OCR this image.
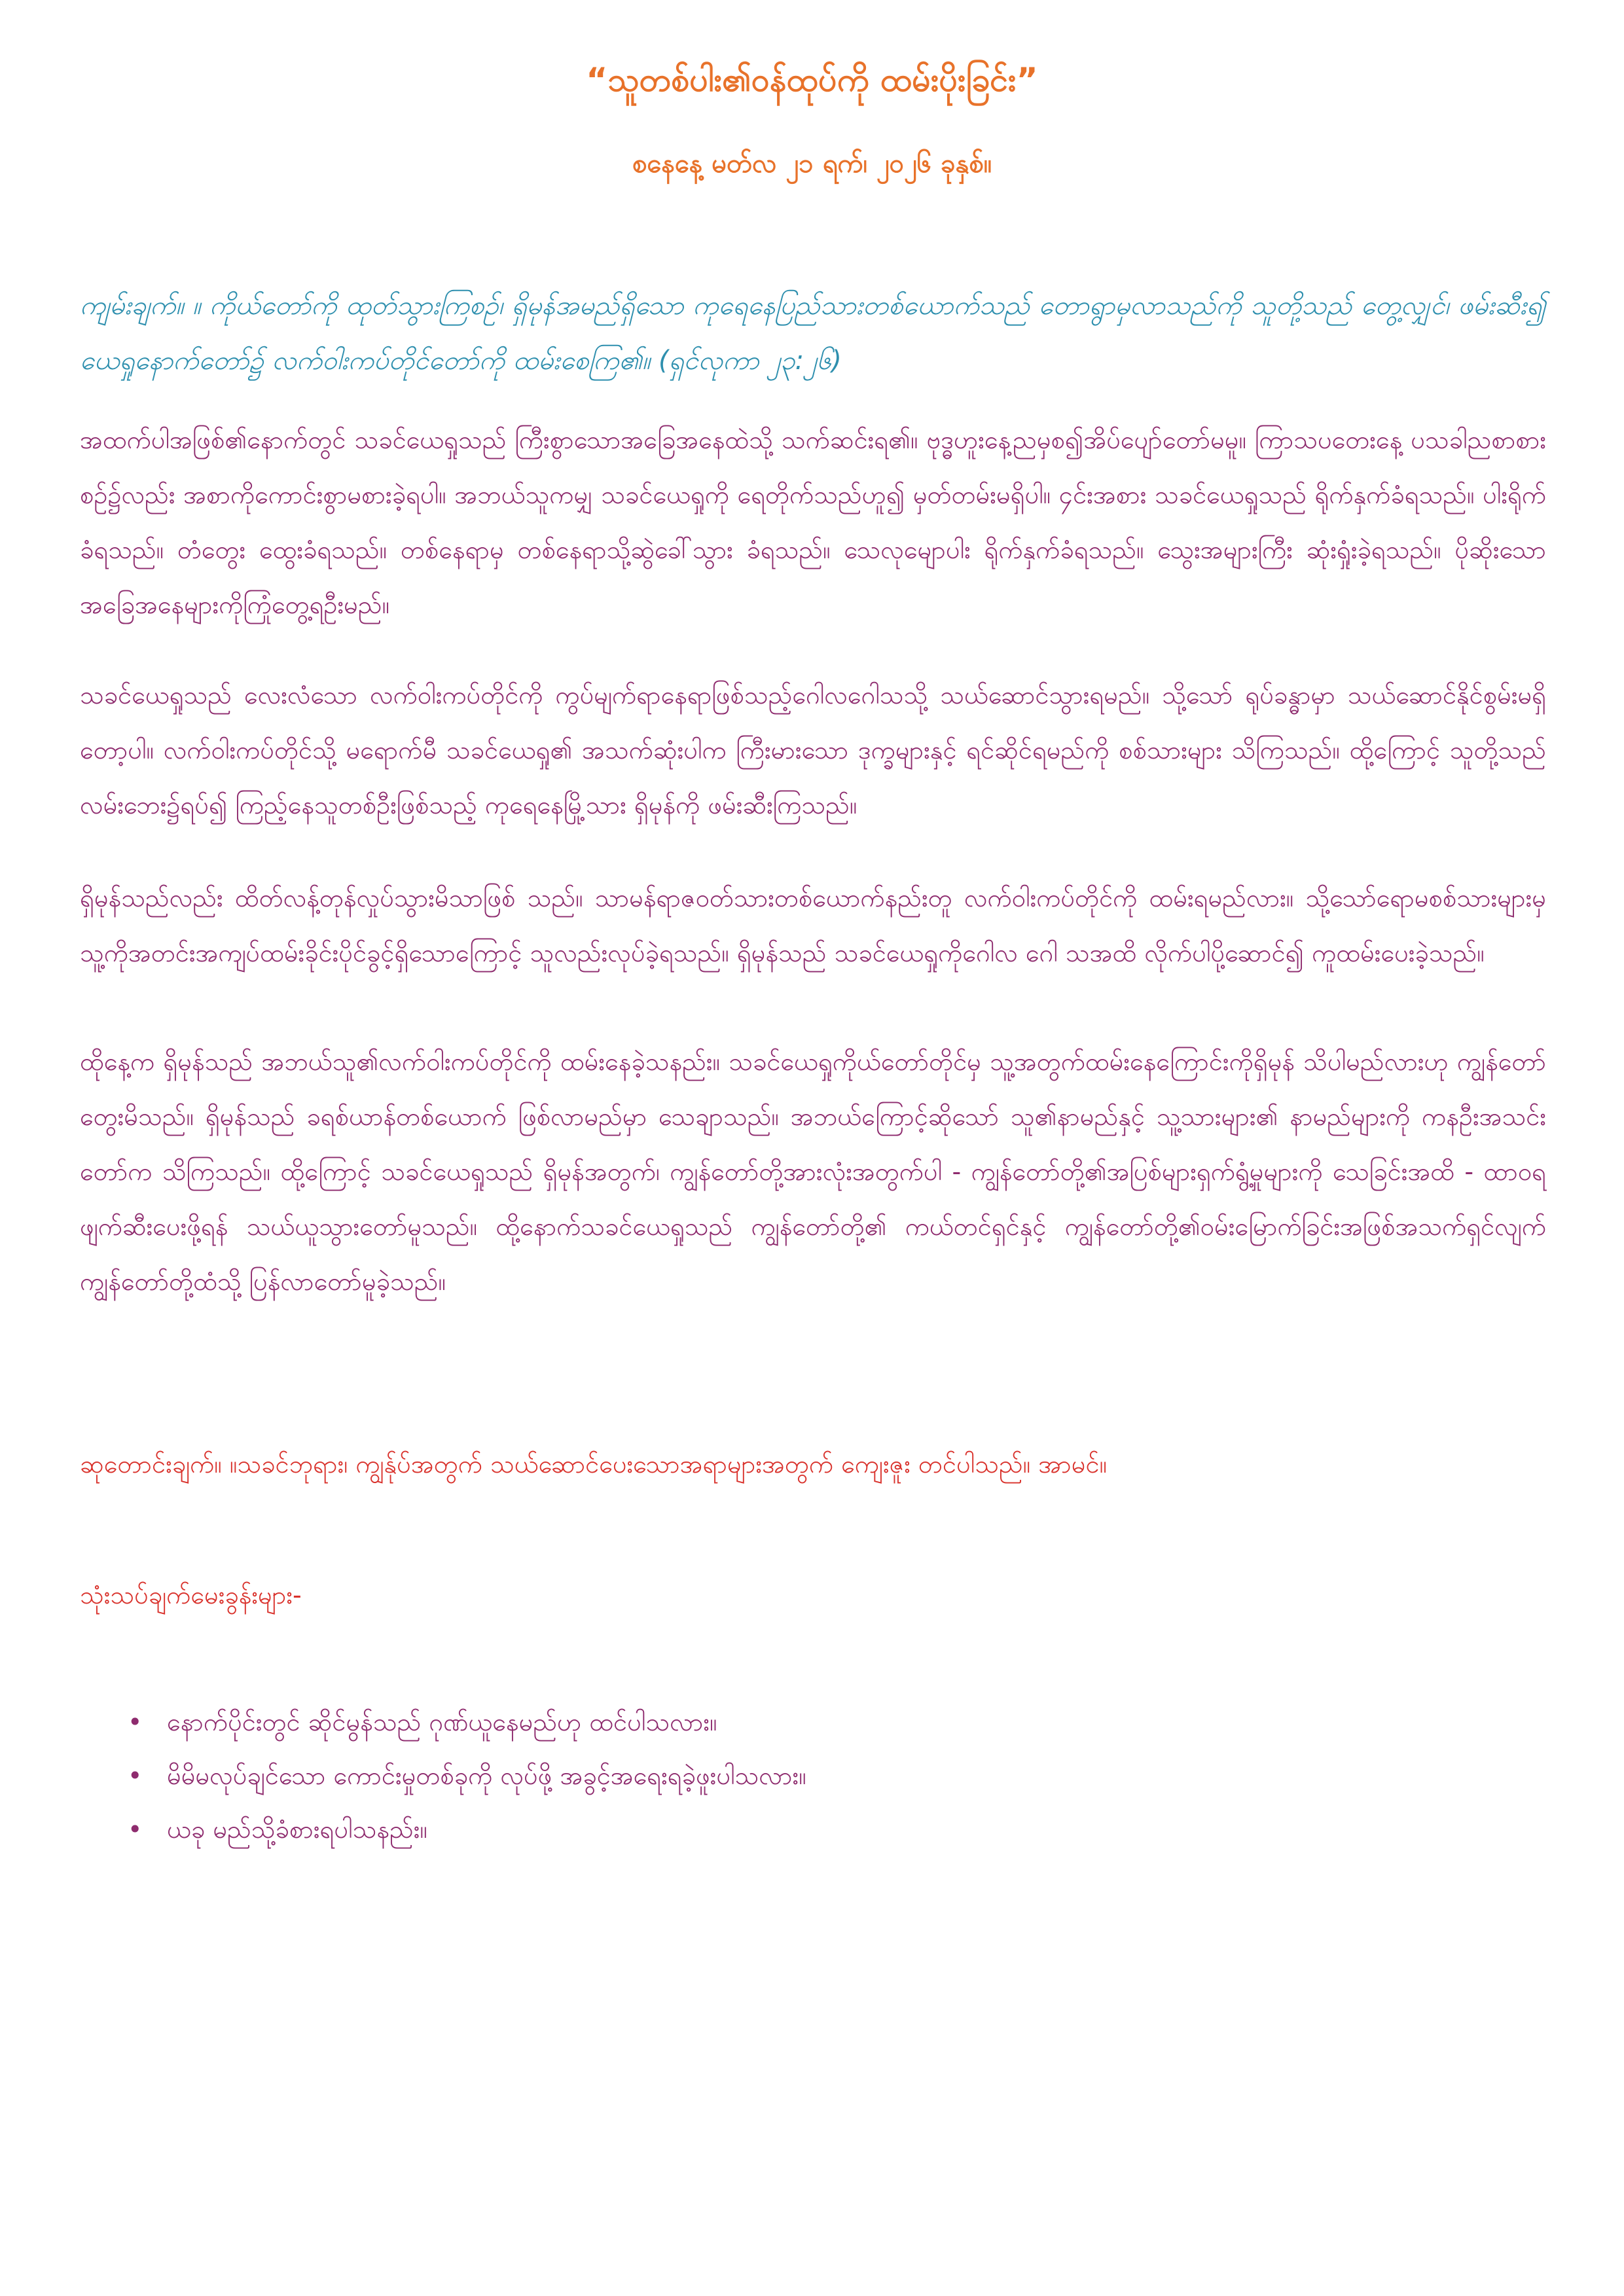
“သူတစ်ပါး၏ဝန်ထုပ်ကို ထမ်းပိုးခြင်း”
စနေနေ့ မတ်လ ၂၁ ရက်၊ ၂၀၂၆ ခုနှစ်။

ကျမ်းချက်။ ။ ကိုယ်တော်ကို ထုတ်သွားကြစဉ်၊ ရှိမုန်အမည်ရှိသော ကုရေနေပြည်သားတစ်ယောက်သည် တောရွာမှလာသည်ကို သူတို့သည် တွေ့လျှင်၊ ဖမ်းဆီး၍ ယေရှုနောက်တော်၌ လက်ဝါးကပ်တိုင်တော်ကို ထမ်းစေကြ၏။ (ရှင်လုကာ ၂၃:၂၆)

အထက်ပါအဖြစ်၏နောက်တွင် သခင်ယေရှုသည် ကြီးစွာသောအခြေအနေထဲသို့ သက်ဆင်းရ၏။ ဗုဒ္ဓဟူးနေ့ညမှစ၍အိပ်ပျော်တော်မမူ။ ကြာသပတေးနေ့ ပသခါညစာစားစဉ်၌လည်း အစာကိုကောင်းစွာမစားခဲ့ရပါ။ အဘယ်သူကမျှ သခင်ယေရှုကို ရေတိုက်သည်ဟူ၍ မှတ်တမ်းမရှိပါ။ ၄င်းအစား သခင်ယေရှုသည် ရိုက်နှက်ခံရသည်။ ပါးရိုက်ခံရသည်။ တံတွေး ထွေးခံရသည်။ တစ်နေရာမှ တစ်နေရာသို့ဆွဲခေါ်သွား ခံရသည်။ သေလုမျောပါး ရိုက်နှက်ခံရသည်။ သွေးအများကြီး ဆုံးရှုံးခဲ့ရသည်။ ပိုဆိုးသောအခြေအနေများကိုကြုံတွေ့ရဦးမည်။

သခင်ယေရှုသည် လေးလံသော လက်ဝါးကပ်တိုင်ကို ကွပ်မျက်ရာနေရာဖြစ်သည့်ဂေါလဂေါသသို့ သယ်ဆောင်သွားရမည်။ သို့သော် ရုပ်ခန္ဓာမှာ သယ်ဆောင်နိုင်စွမ်းမရှိတော့ပါ။ လက်ဝါးကပ်တိုင်သို့ မရောက်မီ သခင်ယေရှု၏ အသက်ဆုံးပါက ကြီးမားသော ဒုက္ခများနှင့် ရင်ဆိုင်ရမည်ကို စစ်သားများ သိကြသည်။ ထို့ကြောင့် သူတို့သည် လမ်းဘေး၌ရပ်၍ ကြည့်နေသူတစ်ဦးဖြစ်သည့် ကုရေနေမြို့သား ရှိမုန်ကို ဖမ်းဆီးကြသည်။

ရှိမုန်သည်လည်း ထိတ်လန့်တုန်လှုပ်သွားမိသာဖြစ် သည်။ သာမန်ရာဇဝတ်သားတစ်ယောက်နည်းတူ လက်ဝါးကပ်တိုင်ကို ထမ်းရမည်လား။ သို့သော်ရောမစစ်သားများမှ သူ့ကိုအတင်းအကျပ်ထမ်းခိုင်းပိုင်ခွင့်ရှိသောကြောင့် သူလည်းလုပ်ခဲ့ရသည်။ ရှိမုန်သည် သခင်ယေရှုကိုဂေါလ ဂေါ သအထိ လိုက်ပါပို့ဆောင်၍ ကူထမ်းပေးခဲ့သည်။

ထိုနေ့က ရှိမုန်သည် အဘယ်သူ၏လက်ဝါးကပ်တိုင်ကို ထမ်းနေခဲ့သနည်း။ သခင်ယေရှုကိုယ်တော်တိုင်မှ သူ့အတွက်ထမ်းနေကြောင်းကိုရှိမုန် သိပါမည်လားဟု ကျွန်တော်တွေးမိသည်။ ရှိမုန်သည် ခရစ်ယာန်တစ်ယောက် ဖြစ်လာမည်မှာ သေချာသည်။ အဘယ်ကြောင့်ဆိုသော် သူ၏နာမည်နှင့် သူ့သားများ၏ နာမည်များကို ကနဦးအသင်းတော်က သိကြသည်။ ထို့ကြောင့် သခင်ယေရှုသည် ရှိမုန်အတွက်၊ ကျွန်တော်တို့အားလုံးအတွက်ပါ - ကျွန်တော်တို့၏အပြစ်များရှက်ရွံ့မှုများကို သေခြင်းအထိ - ထာဝရဖျက်ဆီးပေးဖို့ရန် သယ်ယူသွားတော်မူသည်။ ထို့နောက်သခင်ယေရှုသည် ကျွန်တော်တို့၏ ကယ်တင်ရှင်နှင့် ကျွန်တော်တို့၏ဝမ်းမြောက်ခြင်းအဖြစ်အသက်ရှင်လျက် ကျွန်တော်တို့ထံသို့ ပြန်လာတော်မူခဲ့သည်။

ဆုတောင်းချက်။ ။သခင်ဘုရား၊ ကျွန်ုပ်အတွက် သယ်ဆောင်ပေးသောအရာများအတွက် ကျေးဇူး တင်ပါသည်။ အာမင်။

သုံးသပ်ချက်မေးခွန်းများ-

• နောက်ပိုင်းတွင် ဆိုင်မွန်သည် ဂုဏ်ယူနေမည်ဟု ထင်ပါသလား။
• မိမိမလုပ်ချင်သော ကောင်းမှုတစ်ခုကို လုပ်ဖို့ အခွင့်အရေးရခဲ့ဖူးပါသလား။
• ယခု မည်သို့ခံစားရပါသနည်း။
